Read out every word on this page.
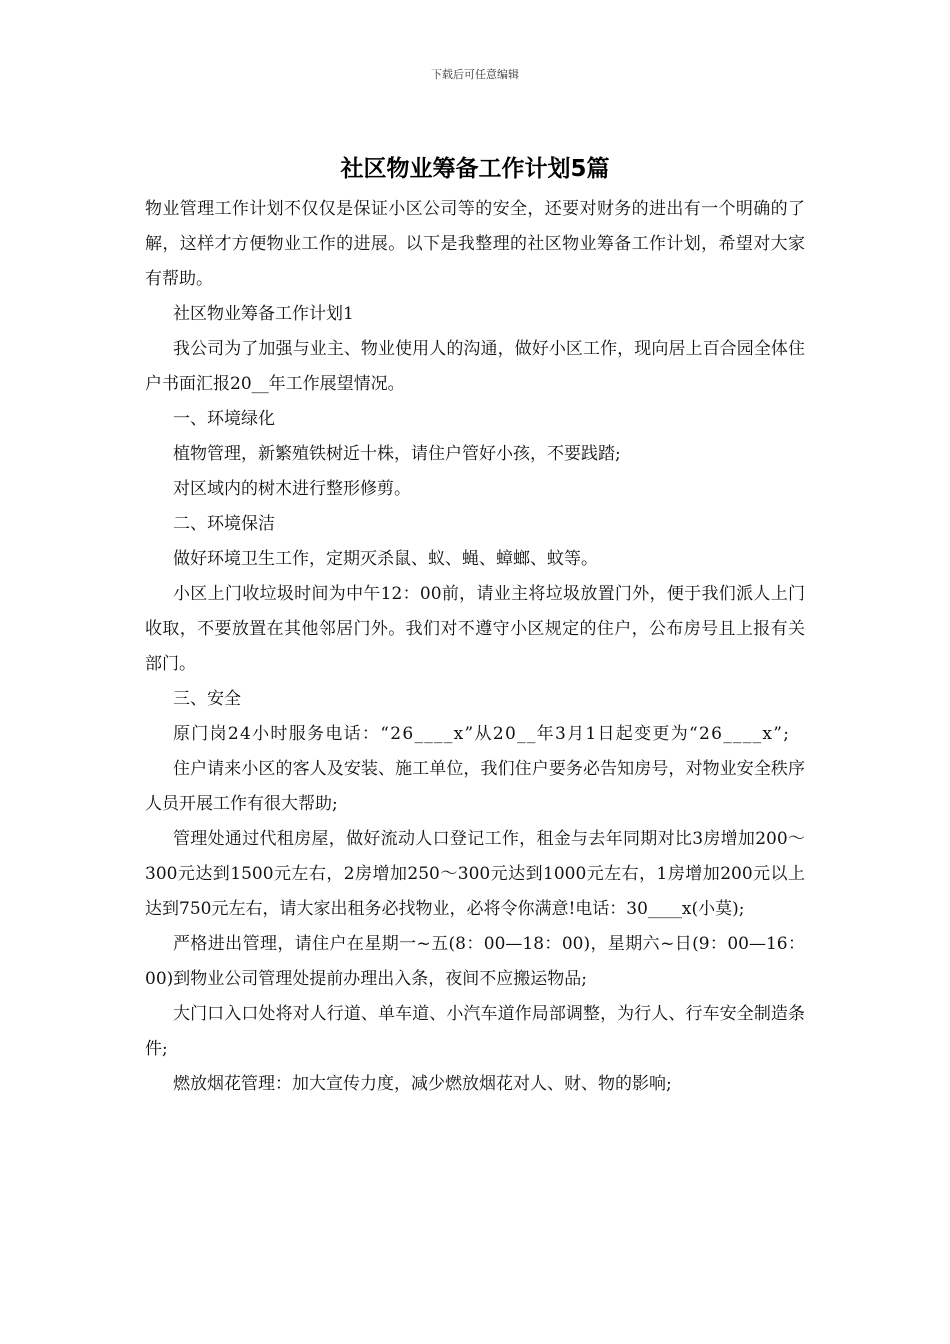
下载后可任意编辑
社区物业筹备工作计划5篇

物业管理工作计划不仅仅是保证小区公司等的安全，还要对财务的进出有一个明确的了解，这样才方便物业工作的进展。以下是我整理的社区物业筹备工作计划，希望对大家有帮助。

社区物业筹备工作计划1

我公司为了加强与业主、物业使用人的沟通，做好小区工作，现向居上百合园全体住户书面汇报20__年工作展望情况。

一、环境绿化

植物管理，新繁殖铁树近十株，请住户管好小孩，不要践踏;

对区域内的树木进行整形修剪。

二、环境保洁

做好环境卫生工作，定期灭杀鼠、蚁、蝇、蟑螂、蚊等。

小区上门收垃圾时间为中午12：00前，请业主将垃圾放置门外，便于我们派人上门收取，不要放置在其他邻居门外。我们对不遵守小区规定的住户，公布房号且上报有关部门。

三、安全

原门岗24小时服务电话：“26____x”从20__年3月1日起变更为“26____x”;

住户请来小区的客人及安装、施工单位，我们住户要务必告知房号，对物业安全秩序人员开展工作有很大帮助;

管理处通过代租房屋，做好流动人口登记工作，租金与去年同期对比3房增加200～300元达到1500元左右，2房增加250～300元达到1000元左右，1房增加200元以上达到750元左右，请大家出租务必找物业，必将令你满意!电话：30____x(小莫);

严格进出管理，请住户在星期一~五(8：00—18：00)，星期六~日(9：00—16：00)到物业公司管理处提前办理出入条，夜间不应搬运物品;

大门口入口处将对人行道、单车道、小汽车道作局部调整，为行人、行车安全制造条件;

燃放烟花管理：加大宣传力度，减少燃放烟花对人、财、物的影响;
